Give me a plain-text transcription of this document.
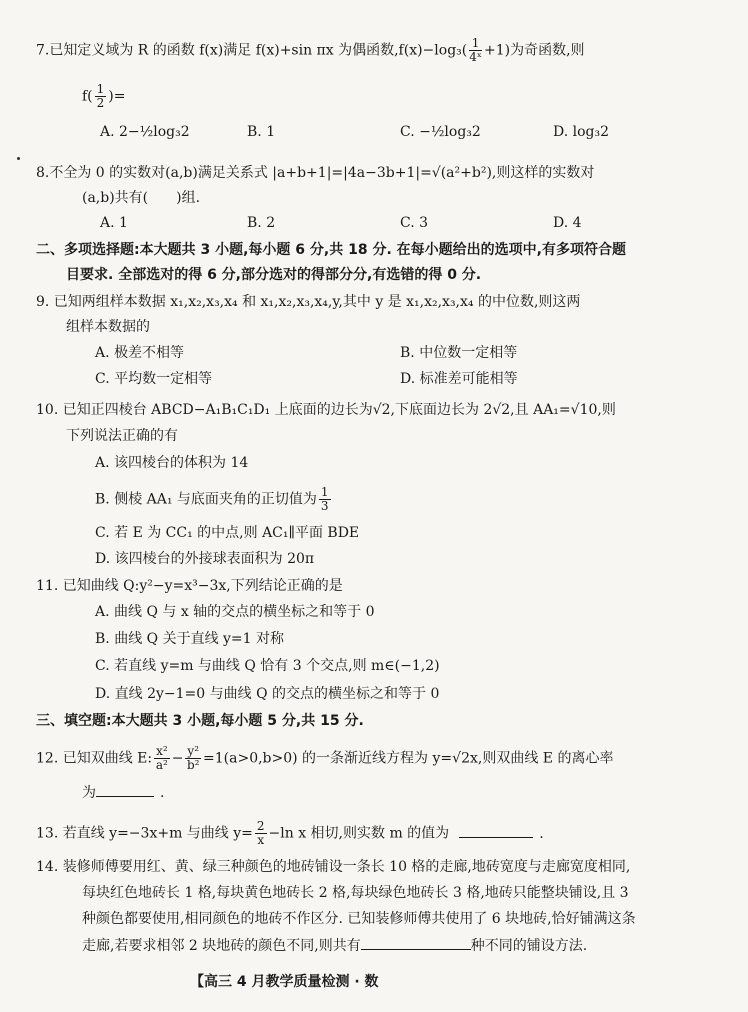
7.已知定义域为 R 的函数 f(x)满足 f(x)+sin πx 为偶函数$,f(x)-\log_3( \frac{1}{\text{4ˣ}} +1)$为奇函数,则
$f( \frac{1}{2}$ )=
A. 2−½log₃2	B. 1	C. −½log₃2	D. log₃2
8.不全为 0 的实数对(a,b)满足关系式 |a+b+1|=|4a−3b+1|=√(a²+b²),则这样的实数对
(a,b)共有(　　)组.
A. 1	B. 2	C. 3	D. 4
二、多项选择题:本大题共 3 小题,每小题 6 分,共 18 分. 在每小题给出的选项中,有多项符合题
目要求. 全部选对的得 6 分,部分选对的得部分分,有选错的得 0 分.
9. 已知两组样本数据 x₁,x₂,x₃,x₄ 和 x₁,x₂,x₃,x₄,y,其中 y 是 x₁,x₂,x₃,x₄ 的中位数,则这两
组样本数据的
A. 极差不相等	B. 中位数一定相等
C. 平均数一定相等	D. 标准差可能相等
10. 已知正四棱台 ABCD−A₁B₁C₁D₁ 上底面的边长为√2,下底面边长为 2√2,且 AA₁=√10,则
下列说法正确的有
A. 该四棱台的体积为 14
B. 侧棱 AA₁ 与底面夹角的正切值为 $\frac{1}{3}$
C. 若 E 为 CC₁ 的中点,则 AC₁∥平面 BDE
D. 该四棱台的外接球表面积为 20π
11. 已知曲线 Q:y²−y=x³−3x,下列结论正确的是
A. 曲线 Q 与 x 轴的交点的横坐标之和等于 0
B. 曲线 Q 关于直线 y=1 对称
C. 若直线 y=m 与曲线 Q 恰有 3 个交点,则 m∈(−1,2)
D. 直线 2y−1=0 与曲线 Q 的交点的横坐标之和等于 0
三、填空题:本大题共 3 小题,每小题 5 分,共 15 分.
12. 已知双曲线 E: $\frac{\text{x²}}{\text{a²}} - \frac{\text{y²}}{\text{b²}} =1(a>0,b>0)$ 的一条渐近线方程为 y=√2x,则双曲线 E 的离心率
为	.
13. 若直线 y=−3x+m 与曲线 $y= \frac{2}{x} -\ln$ x 相切,则实数 m 的值为	.
14. 装修师傅要用红、黄、绿三种颜色的地砖铺设一条长 10 格的走廊,地砖宽度与走廊宽度相同,
每块红色地砖长 1 格,每块黄色地砖长 2 格,每块绿色地砖长 3 格,地砖只能整块铺设,且 3
种颜色都要使用,相同颜色的地砖不作区分. 已知装修师傅共使用了 6 块地砖,恰好铺满这条
走廊,若要求相邻 2 块地砖的颜色不同,则共有	种不同的铺设方法.
【高三 4 月教学质量检测 · 数
